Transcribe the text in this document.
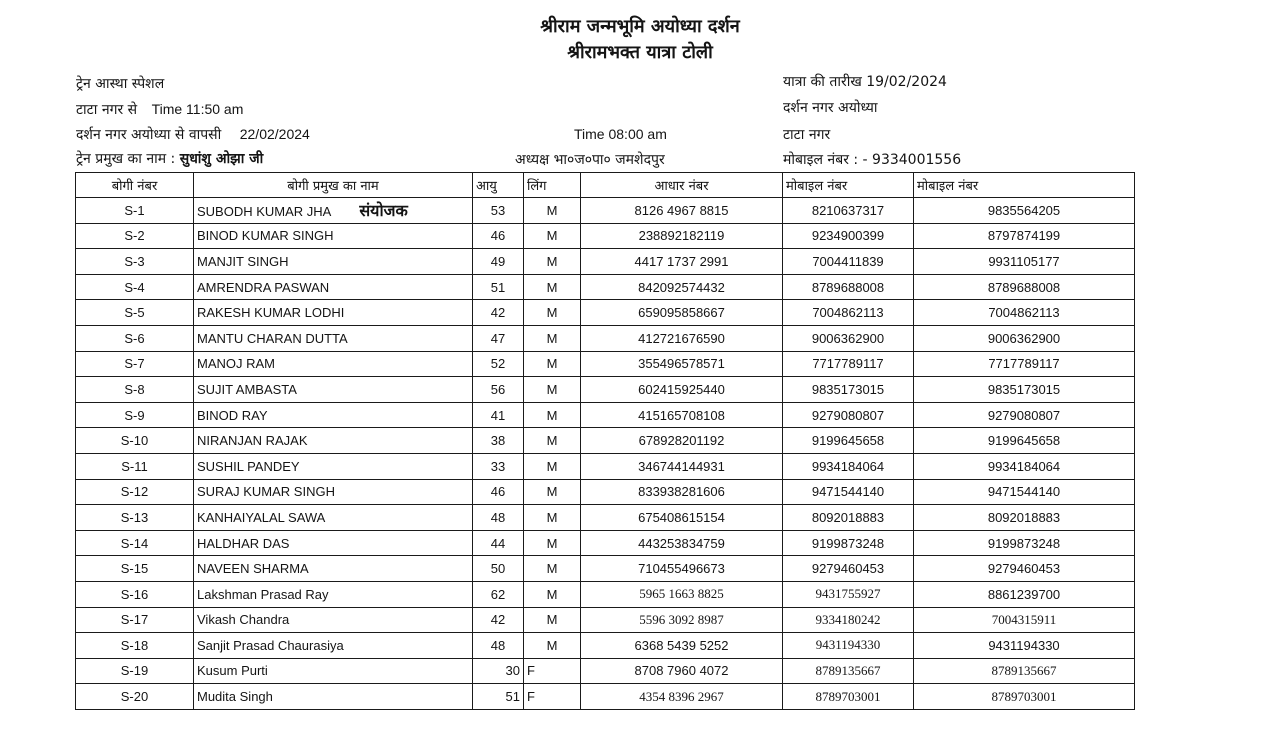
श्रीराम जन्मभूमि अयोध्या दर्शन
श्रीरामभक्त यात्रा टोली
ट्रेन आस्था स्पेशल
टाटा नगर से Time 11:50 am
दर्शन नगर अयोध्या से वापसी 22/02/2024
ट्रेन प्रमुख का नाम : सुधांशु ओझा जी
Time 08:00 am
अध्यक्ष भा०ज०पा० जमशेदपुर
यात्रा की तारीख 19/02/2024
दर्शन नगर अयोध्या
टाटा नगर
मोबाइल नंबर : - 9334001556
बोगी नंबर	बोगी प्रमुख का नाम	आयु	लिंग	आधार नंबर	मोबाइल नंबर	मोबाइल नंबर
S-1	SUBODH KUMAR JHA संयोजक	53	M	8126 4967 8815	8210637317	9835564205
S-2	BINOD KUMAR SINGH	46	M	238892182119	9234900399	8797874199
S-3	MANJIT SINGH	49	M	4417 1737 2991	7004411839	9931105177
S-4	AMRENDRA PASWAN	51	M	842092574432	8789688008	8789688008
S-5	RAKESH KUMAR LODHI	42	M	659095858667	7004862113	7004862113
S-6	MANTU CHARAN DUTTA	47	M	412721676590	9006362900	9006362900
S-7	MANOJ RAM	52	M	355496578571	7717789117	7717789117
S-8	SUJIT AMBASTA	56	M	602415925440	9835173015	9835173015
S-9	BINOD RAY	41	M	415165708108	9279080807	9279080807
S-10	NIRANJAN RAJAK	38	M	678928201192	9199645658	9199645658
S-11	SUSHIL PANDEY	33	M	346744144931	9934184064	9934184064
S-12	SURAJ KUMAR SINGH	46	M	833938281606	9471544140	9471544140
S-13	KANHAIYALAL SAWA	48	M	675408615154	8092018883	8092018883
S-14	HALDHAR DAS	44	M	443253834759	9199873248	9199873248
S-15	NAVEEN SHARMA	50	M	710455496673	9279460453	9279460453
S-16	Lakshman Prasad Ray	62	M	5965 1663 8825	9431755927	8861239700
S-17	Vikash Chandra	42	M	5596 3092 8987	9334180242	7004315911
S-18	Sanjit Prasad Chaurasiya	48	M	6368 5439 5252	9431194330	9431194330
S-19	Kusum Purti	30	F	8708 7960 4072	8789135667	8789135667
S-20	Mudita Singh	51	F	4354 8396 2967	8789703001	8789703001
